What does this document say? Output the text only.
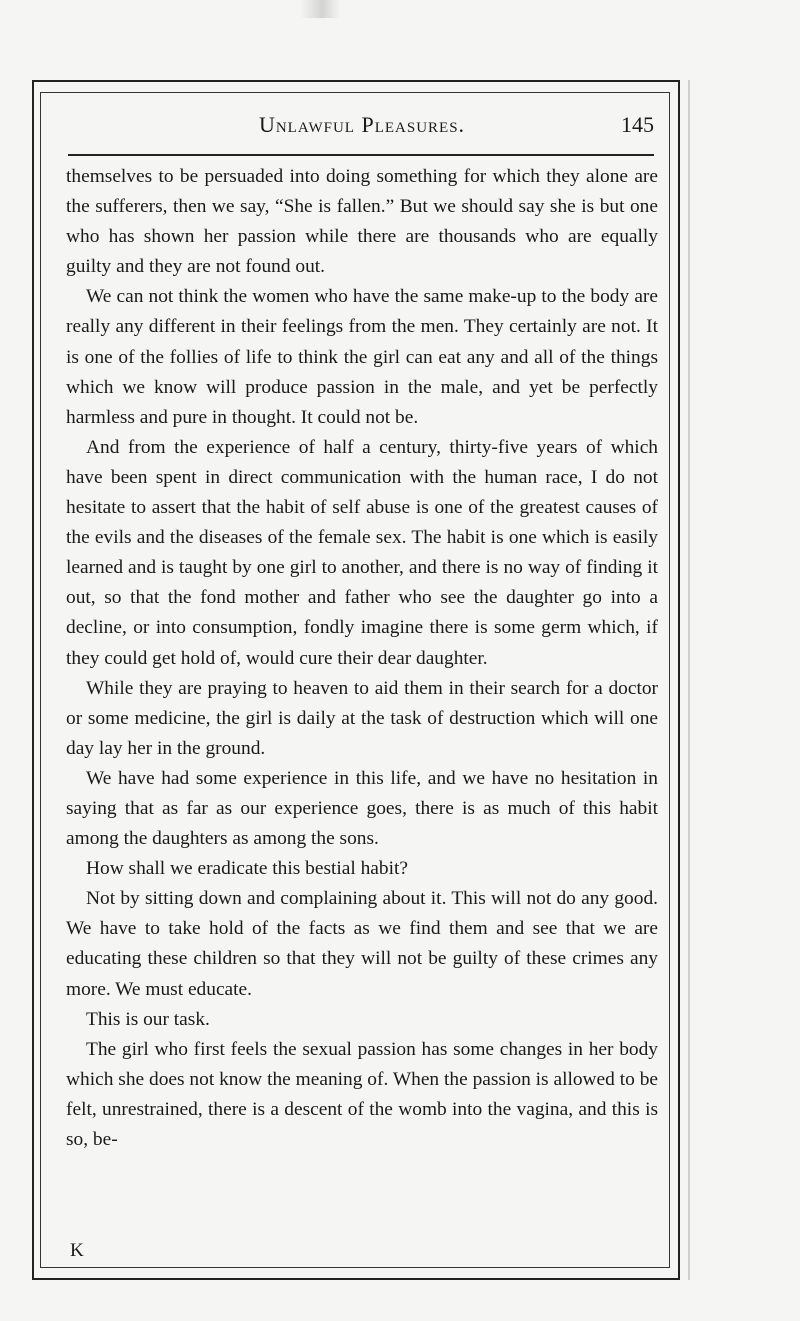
Unlawful Pleasures.	145

themselves to be persuaded into doing something for which they alone are the sufferers, then we say, “She is fallen.” But we should say she is but one who has shown her passion while there are thousands who are equally guilty and they are not found out.

We can not think the women who have the same make-up to the body are really any different in their feelings from the men. They certainly are not. It is one of the follies of life to think the girl can eat any and all of the things which we know will produce passion in the male, and yet be perfectly harmless and pure in thought. It could not be.

And from the experience of half a century, thirty-five years of which have been spent in direct communication with the human race, I do not hesitate to assert that the habit of self abuse is one of the greatest causes of the evils and the diseases of the female sex. The habit is one which is easily learned and is taught by one girl to another, and there is no way of finding it out, so that the fond mother and father who see the daughter go into a decline, or into consumption, fondly imagine there is some germ which, if they could get hold of, would cure their dear daughter.

While they are praying to heaven to aid them in their search for a doctor or some medicine, the girl is daily at the task of destruction which will one day lay her in the ground.

We have had some experience in this life, and we have no hesitation in saying that as far as our experience goes, there is as much of this habit among the daughters as among the sons.

How shall we eradicate this bestial habit?

Not by sitting down and complaining about it. This will not do any good. We have to take hold of the facts as we find them and see that we are educating these children so that they will not be guilty of these crimes any more. We must educate.

This is our task.

The girl who first feels the sexual passion has some changes in her body which she does not know the meaning of. When the passion is allowed to be felt, unrestrained, there is a descent of the womb into the vagina, and this is so, be-

K
